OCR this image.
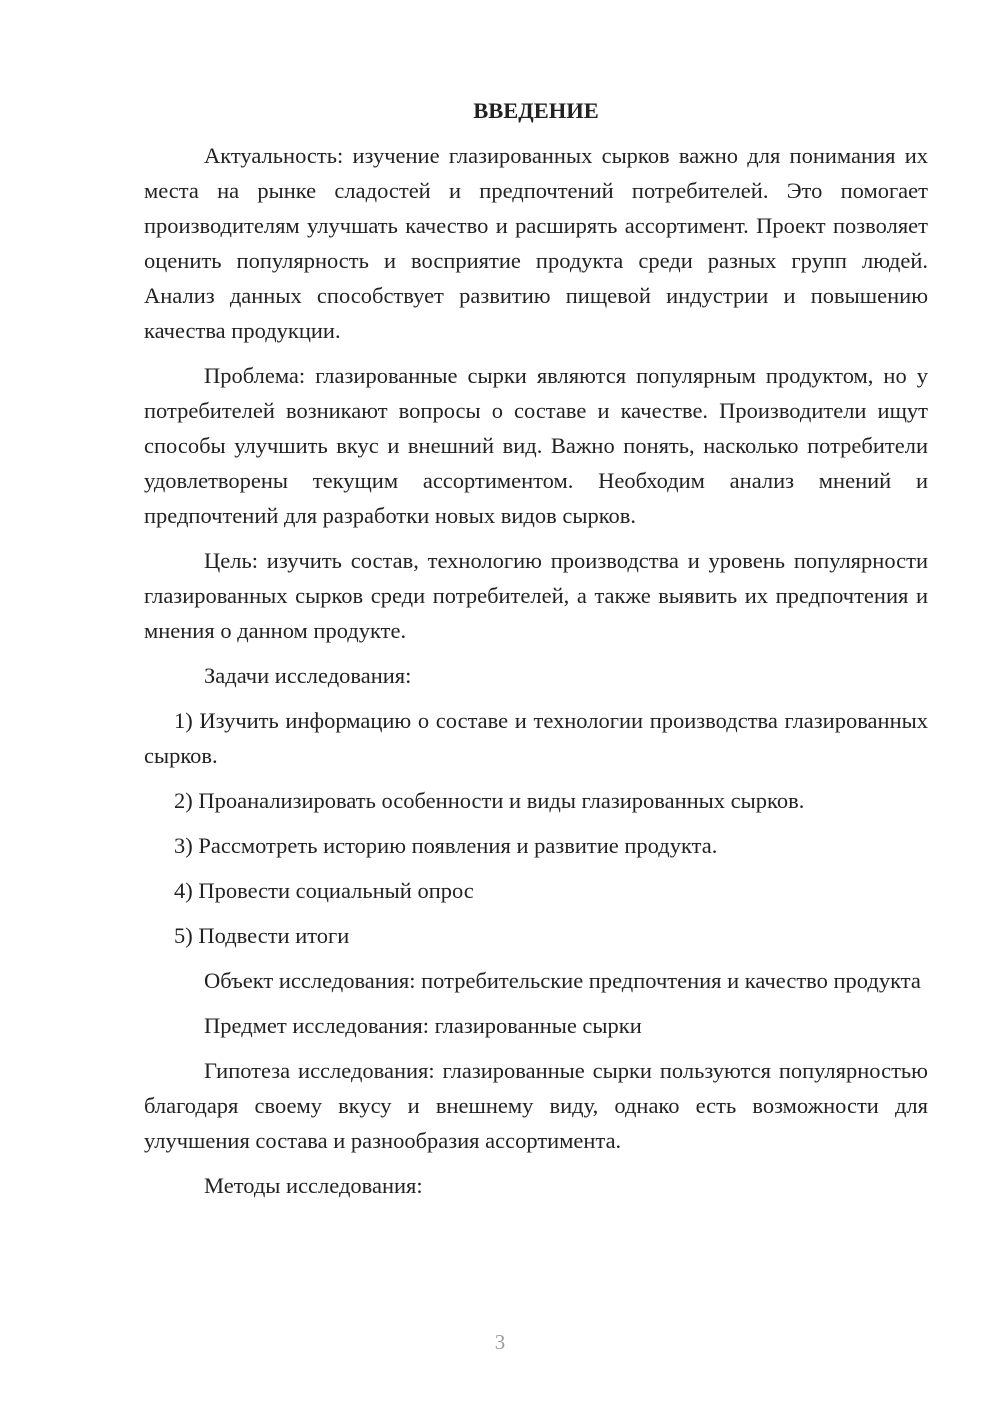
ВВЕДЕНИЕ

Актуальность: изучение глазированных сырков важно для понимания их места на рынке сладостей и предпочтений потребителей. Это помогает производителям улучшать качество и расширять ассортимент. Проект позволяет оценить популярность и восприятие продукта среди разных групп людей. Анализ данных способствует развитию пищевой индустрии и повышению качества продукции.

Проблема: глазированные сырки являются популярным продуктом, но у потребителей возникают вопросы о составе и качестве. Производители ищут способы улучшить вкус и внешний вид. Важно понять, насколько потребители удовлетворены текущим ассортиментом. Необходим анализ мнений и предпочтений для разработки новых видов сырков.

Цель: изучить состав, технологию производства и уровень популярности глазированных сырков среди потребителей, а также выявить их предпочтения и мнения о данном продукте.

Задачи исследования:

1) Изучить информацию о составе и технологии производства глазированных сырков.

2) Проанализировать особенности и виды глазированных сырков.

3) Рассмотреть историю появления и развитие продукта.

4) Провести социальный опрос

5) Подвести итоги

Объект исследования: потребительские предпочтения и качество продукта

Предмет исследования: глазированные сырки

Гипотеза исследования: глазированные сырки пользуются популярностью благодаря своему вкусу и внешнему виду, однако есть возможности для улучшения состава и разнообразия ассортимента.

Методы исследования:

3
